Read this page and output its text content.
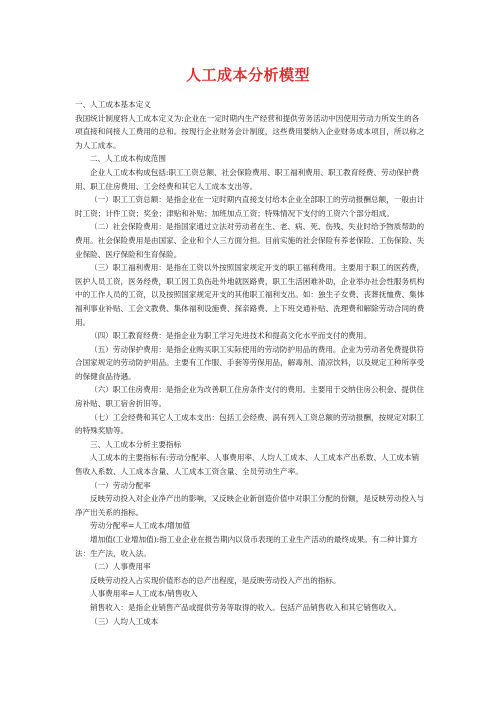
人工成本分析模型

一、人工成本基本定义

我国统计制度将人工成本定义为:企业在一定时期内生产经营和提供劳务活动中因使用劳动力所发生的各项直接和间接人工费用的总和。按现行企业财务会计制度，这些费用要纳入企业财务成本项目，所以称之为人工成本。

二、人工成本构成范围

企业人工成本构成包括:职工工资总额、社会保险费用、职工福利费用、职工教育经费、劳动保护费用、职工住房费用、工会经费和其它人工成本支出等。

（一）职工工资总额：是指企业在一定时期内直接支付给本企业全部职工的劳动报酬总额，一般由计时工资；计件工资；奖金；津贴和补贴；加班加点工资；特殊情况下支付的工资六个部分组成。

（二）社会保险费用：是指国家通过立法对劳动者在生、老、病、死、伤残、失业时给予物质帮助的费用。社会保险费用是由国家、企业和个人三方面分担。目前实施的社会保险有养老保险、工伤保险、失业保险、医疗保险和生育保险。

（三）职工福利费用：是指在工资以外按照国家规定开支的职工福利费用。主要用于职工的医药费，医护人员工资，医务经费，职工因工负伤赴外地就医路费，职工生活困难补助，企业举办社会性服务机构中的工作人员的工资，以及按照国家规定开支的其他职工福利支出。如：独生子女费、丧葬抚恤费、集体福利事业补贴、工会文教费、集体福利设施费、探亲路费、上下班交通补贴、洗理费和解除劳动合同的费用。

（四）职工教育经费：是指企业为职工学习先进技术和提高文化水平而支付的费用。

（五）劳动保护费用：是指企业购买职工实际使用的劳动防护用品的费用。企业为劳动者免费提供符合国家规定的劳动防护用品。主要有工作服、手套等劳保用品，解毒剂、清凉饮料，以及规定工种所享受的保健食品待遇。

（六）职工住房费用：是指企业为改善职工住房条件支付的费用。主要用于交纳住房公积金、提供住房补贴、职工宿舍折旧等。

（七）工会经费和其它人工成本支出：包括工会经费、涡有列入工资总额的劳动报酬，按规定对职工的特殊奖励等。

三、人工成本分析主要指标

人工成本的主要指标有:劳动分配率、人事费用率、人均人工成本、人工成本产出系数、人工成本销售收入系数、人工成本含量、人工成本工资含量、全员劳动生产率。

（一）劳动分配率

反映劳动投入对企业净产出的影响，又反映企业新创造价值中对职工分配的份额，是反映劳动投入与净产出关系的指标。

劳动分配率=人工成本/增加值

增加值(工业增加值):指工业企业在报告期内以货币表现的工业生产活动的最终成果。有二种计算方法：生产法，收入法。

（二）人事费用率

反映劳动投入占实现价值形态的总产出程度，是反映劳动投入产出的指标。

人事费用率=人工成本/销售收入

销售收入：是指企业销售产品或提供劳务等取得的收入。包括产品销售收入和其它销售收入。

（三）人均人工成本
